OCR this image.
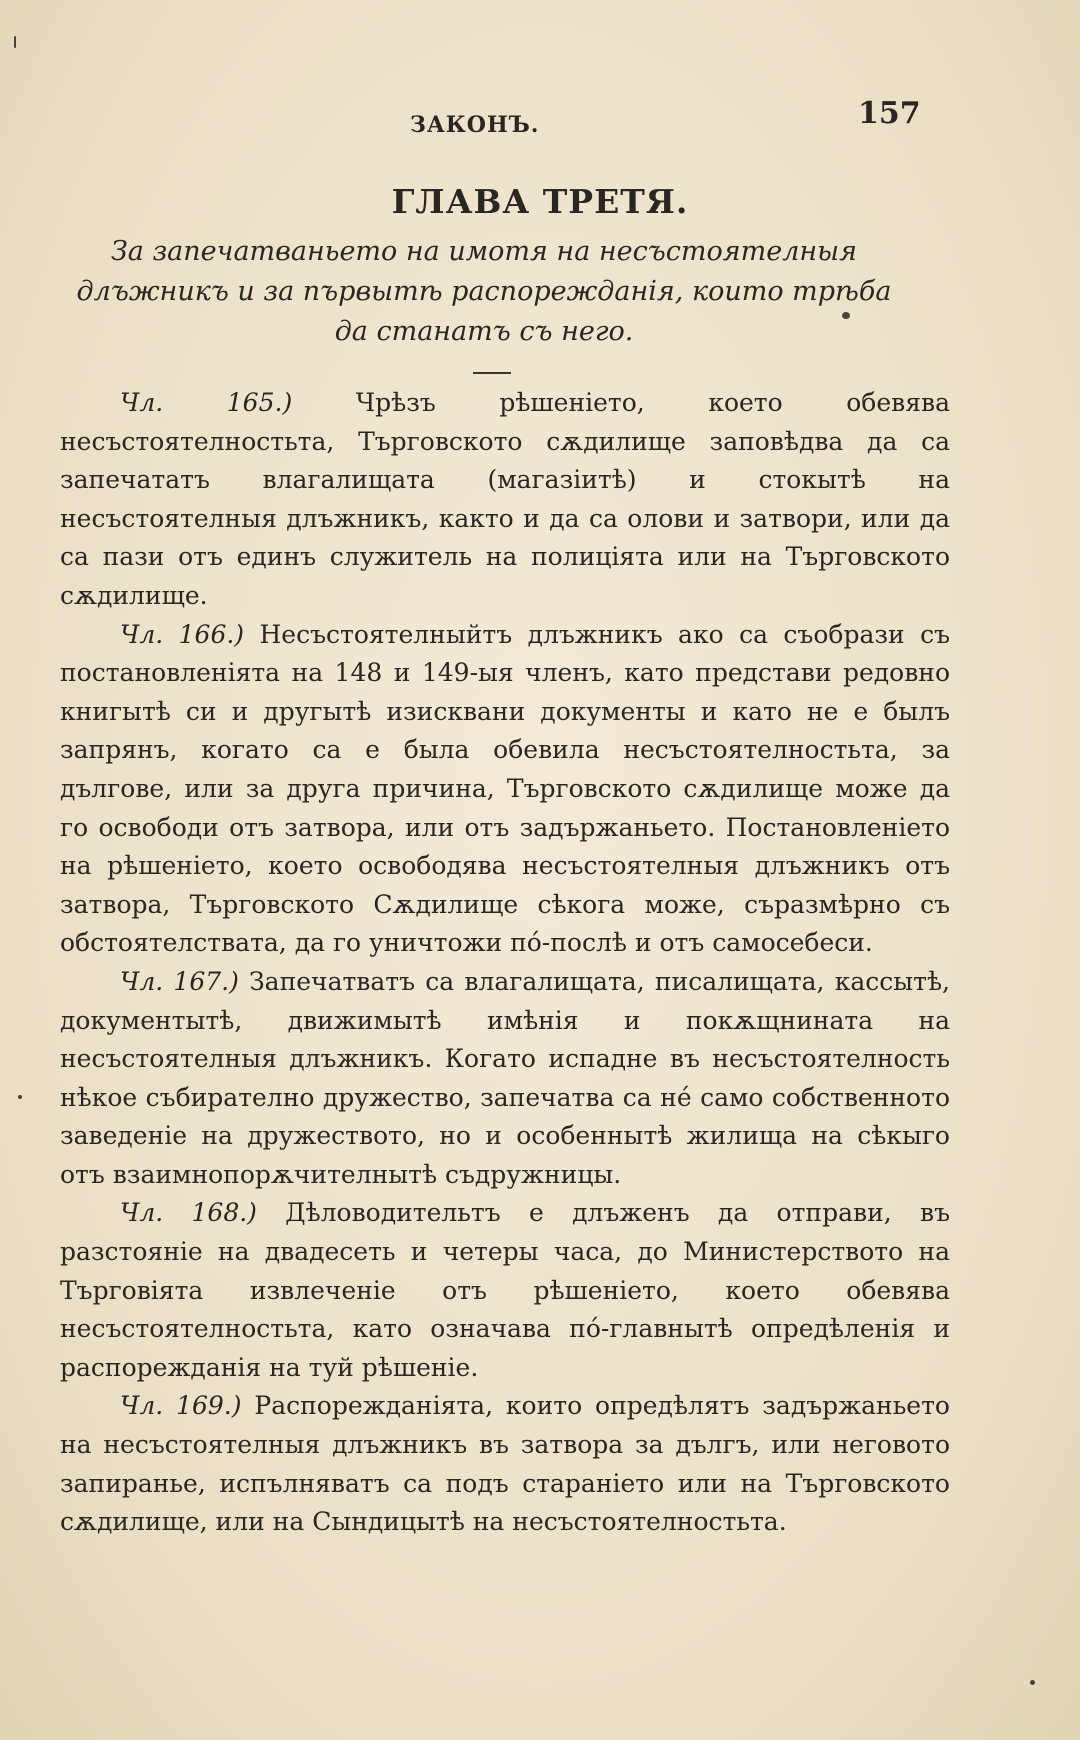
ЗАКОНЪ.	157
ГЛАВА ТРЕТЯ.
За запечатваньето на имотя на несъстоятелныя длъжникъ и за първытѣ распорежданія, които трѣба да станатъ съ него.

Чл. 165.) Чрѣзъ рѣшеніето, което обевява несъстоятелностьта, Търговското сѫдилище заповѣдва да са запечататъ влагалищата (магазіитѣ) и стокытѣ на несъстоятелныя длъжникъ, както и да са олови и затвори, или да са пази отъ единъ служитель на полиціята или на Търговското сѫдилище.

Чл. 166.) Несъстоятелныйтъ длъжникъ ако са съобрази съ постановленіята на 148 и 149-ыя членъ, като представи редовно книгытѣ си и другытѣ изисквани документы и като не е былъ запрянъ, когато са е была обевила несъстоятелностьта, за дългове, или за друга причина, Търговското сѫдилище може да го освободи отъ затвора, или отъ задържаньето. Постановленіето на рѣшеніето, което освободява несъстоятелныя длъжникъ отъ затвора, Търговското Сѫдилище сѣкога може, съразмѣрно съ обстоятелствата, да го уничтожи по́-послѣ и отъ самосебеси.

Чл. 167.) Запечатватъ са влагалищата, писалищата, кассытѣ, документытѣ, движимытѣ имѣнія и покѫщнината на несъстоятелныя длъжникъ. Когато испадне въ несъстоятелность нѣкое събирателно дружество, запечатва са не́ само собственното заведеніе на дружеството, но и особеннытѣ жилища на сѣкыго отъ взаимнопорѫчителнытѣ съдружницы.

Чл. 168.) Дѣловодительтъ е длъженъ да отправи, въ разстояніе на двадесеть и четеры часа, до Министерството на Търговіята извлеченіе отъ рѣшеніето, което обевява несъстоятелностьта, като означава по́-главнытѣ опредѣленія и распорежданія на туй рѣшеніе.

Чл. 169.) Распорежданіята, които опредѣлятъ задържаньето на несъстоятелныя длъжникъ въ затвора за дългъ, или неговото запиранье, испълняватъ са подъ стараніето или на Търговското сѫдилище, или на Сындицытѣ на несъстоятелностьта.
